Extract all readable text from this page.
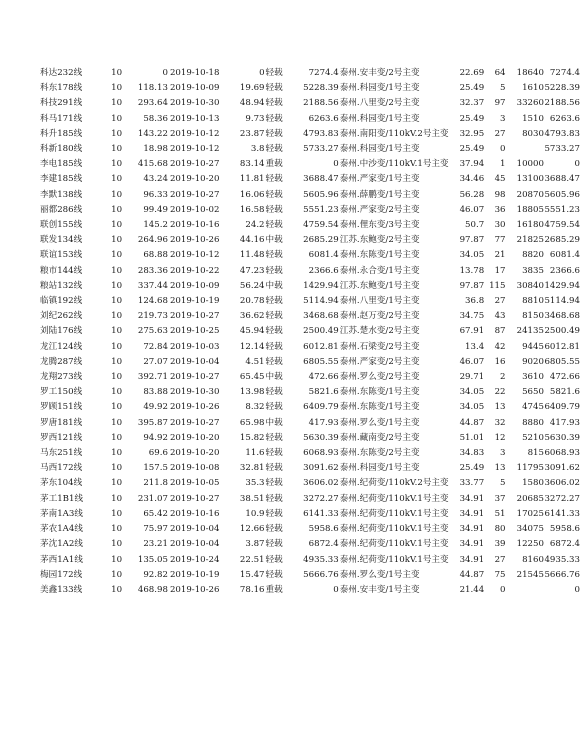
科达232线	10	0	2019-10-18	0	轻载	7274.4	泰州.安丰变/2号主变	22.69	64	18640	7274.4
科东178线	10	118.13	2019-10-09	19.69	轻载	5228.39	泰州.科园变/1号主变	25.49	5	1610	5228.39
科技291线	10	293.64	2019-10-30	48.94	轻载	2188.56	泰州.八里变/2号主变	32.37	97	33260	2188.56
科马171线	10	58.36	2019-10-13	9.73	轻载	6263.6	泰州.科园变/1号主变	25.49	3	1510	6263.6
科升185线	10	143.22	2019-10-12	23.87	轻载	4793.83	泰州.南阳变/110kV.2号主变	32.95	27	8030	4793.83
科新180线	10	18.98	2019-10-12	3.8	轻载	5733.27	泰州.科园变/1号主变	25.49	0		5733.27
李电185线	10	415.68	2019-10-27	83.14	重载	0	泰州.中沙变/110kV.1号主变	37.94	1	10000	0
李建185线	10	43.24	2019-10-20	11.81	轻载	3688.47	泰州.严家变/1号主变	34.46	45	13100	3688.47
李默138线	10	96.33	2019-10-27	16.06	轻载	5605.96	泰州.薛鹏变/1号主变	56.28	98	20870	5605.96
丽都286线	10	99.49	2019-10-02	16.58	轻载	5551.23	泰州.严家变/2号主变	46.07	36	18805	5551.23
联创155线	10	145.2	2019-10-16	24.2	轻载	4759.54	泰州.俚东变/3号主变	50.7	30	16180	4759.54
联发134线	10	264.96	2019-10-26	44.16	中载	2685.29	江苏.东鲍变/2号主变	97.87	77	21825	2685.29
联谊153线	10	68.88	2019-10-12	11.48	轻载	6081.4	泰州.东陈变/1号主变	34.05	21	8820	6081.4
粮市144线	10	283.36	2019-10-22	47.23	轻载	2366.6	泰州.永合变/1号主变	13.78	17	3835	2366.6
粮站132线	10	337.44	2019-10-09	56.24	中载	1429.94	江苏.东鲍变/1号主变	97.87	115	30840	1429.94
临镇192线	10	124.68	2019-10-19	20.78	轻载	5114.94	泰州.八里变/1号主变	36.8	27	8810	5114.94
刘纪262线	10	219.73	2019-10-27	36.62	轻载	3468.68	泰州.赵万变/2号主变	34.75	43	8150	3468.68
刘陆176线	10	275.63	2019-10-25	45.94	轻载	2500.49	江苏.楚水变/2号主变	67.91	87	24135	2500.49
龙江124线	10	72.84	2019-10-03	12.14	轻载	6012.81	泰州.石梁变/2号主变	13.4	42	9445	6012.81
龙腾287线	10	27.07	2019-10-04	4.51	轻载	6805.55	泰州.严家变/2号主变	46.07	16	9020	6805.55
龙翔273线	10	392.71	2019-10-27	65.45	中载	472.66	泰州.罗么变/2号主变	29.71	2	3610	472.66
罗工150线	10	83.88	2019-10-30	13.98	轻载	5821.6	泰州.东陈变/1号主变	34.05	22	5650	5821.6
罗顾151线	10	49.92	2019-10-26	8.32	轻载	6409.79	泰州.东陈变/1号主变	34.05	13	4745	6409.79
罗唐181线	10	395.87	2019-10-27	65.98	中载	417.93	泰州.罗么变/1号主变	44.87	32	8880	417.93
罗西121线	10	94.92	2019-10-20	15.82	轻载	5630.39	泰州.藏南变/2号主变	51.01	12	5210	5630.39
马东251线	10	69.6	2019-10-20	11.6	轻载	6068.93	泰州.东陈变/2号主变	34.83	3	815	6068.93
马西172线	10	157.5	2019-10-08	32.81	轻载	3091.62	泰州.科园变/1号主变	25.49	13	11795	3091.62
茅东104线	10	211.8	2019-10-05	35.3	轻载	3606.02	泰州.纪荷变/110kV.2号主变	33.77	5	1580	3606.02
茅工1B1线	10	231.07	2019-10-27	38.51	轻载	3272.27	泰州.纪荷变/110kV.1号主变	34.91	37	20685	3272.27
茅南1A3线	10	65.42	2019-10-16	10.9	轻载	6141.33	泰州.纪荷变/110kV.1号主变	34.91	51	17025	6141.33
茅农1A4线	10	75.97	2019-10-04	12.66	轻载	5958.6	泰州.纪荷变/110kV.1号主变	34.91	80	34075	5958.6
茅沈1A2线	10	23.21	2019-10-04	3.87	轻载	6872.4	泰州.纪荷变/110kV.1号主变	34.91	39	12250	6872.4
茅西1A1线	10	135.05	2019-10-24	22.51	轻载	4935.33	泰州.纪荷变/110kV.1号主变	34.91	27	8160	4935.33
梅园172线	10	92.82	2019-10-19	15.47	轻载	5666.76	泰州.罗么变/1号主变	44.87	75	21545	5666.76
美鑫133线	10	468.98	2019-10-26	78.16	重载	0	泰州.安丰变/1号主变	21.44	0		0
